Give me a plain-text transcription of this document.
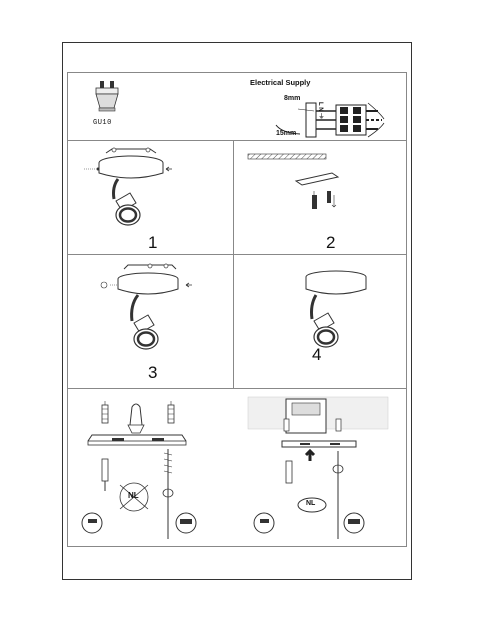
GU10
Electrical Supply
8mm
15mm
L N ⏚
1	2
3
4
NL
NL
